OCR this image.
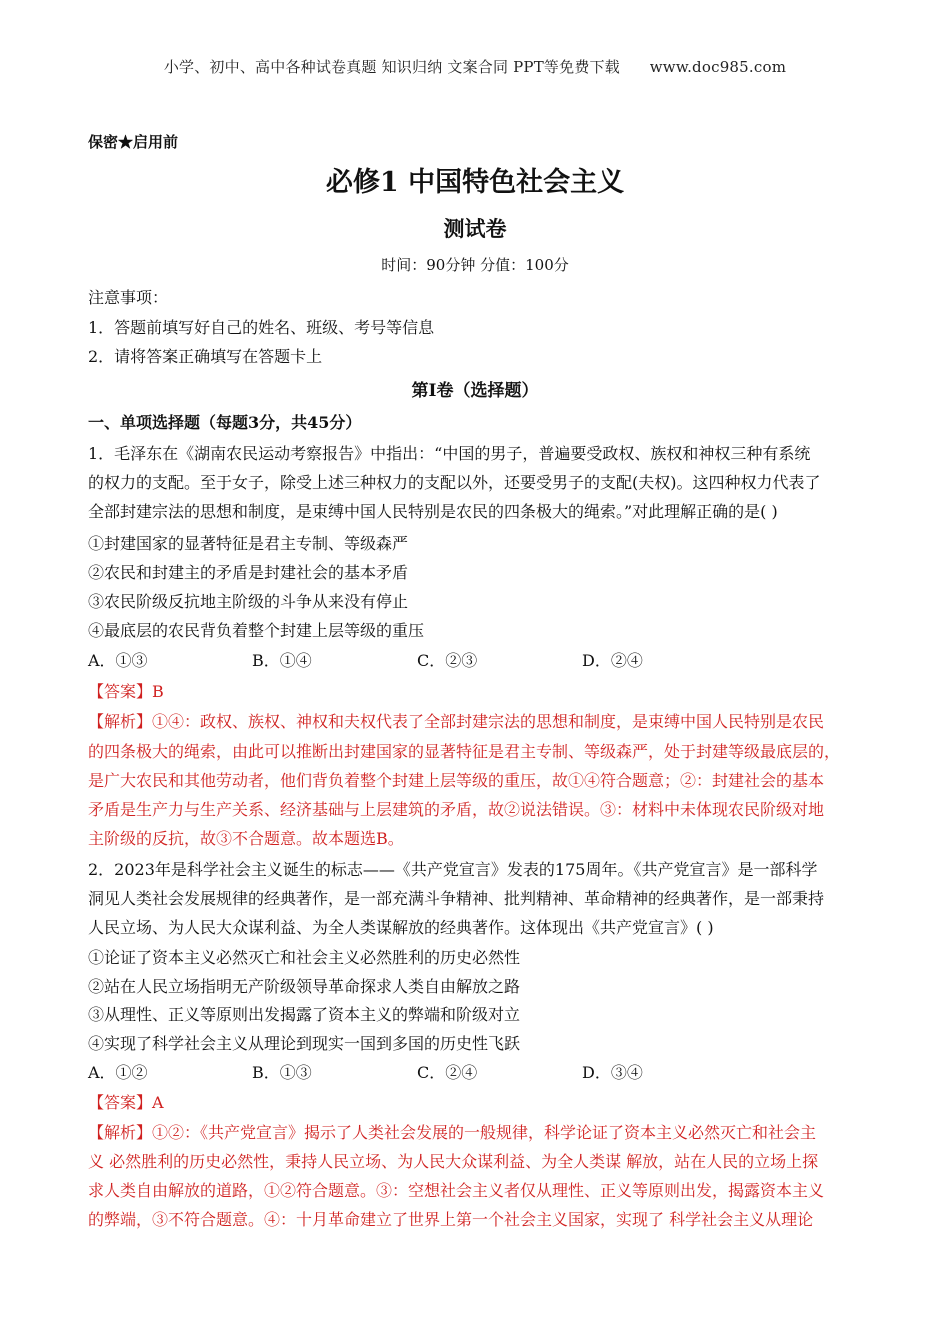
小学、初中、高中各种试卷真题 知识归纳 文案合同 PPT等免费下载 www.doc985.com
保密★启用前
必修1 中国特色社会主义
测试卷
时间：90分钟 分值：100分
注意事项：
1．答题前填写好自己的姓名、班级、考号等信息
2．请将答案正确填写在答题卡上
第I卷（选择题）
一、单项选择题（每题3分，共45分）
1．毛泽东在《湖南农民运动考察报告》中指出：“中国的男子，普遍要受政权、族权和神权三种有系统
的权力的支配。至于女子，除受上述三种权力的支配以外，还要受男子的支配(夫权)。这四种权力代表了
全部封建宗法的思想和制度，是束缚中国人民特别是农民的四条极大的绳索。”对此理解正确的是( )
①封建国家的显著特征是君主专制、等级森严
②农民和封建主的矛盾是封建社会的基本矛盾
③农民阶级反抗地主阶级的斗争从来没有停止
④最底层的农民背负着整个封建上层等级的重压
A．①③	B．①④	C．②③	D．②④
【答案】B
【解析】①④：政权、族权、神权和夫权代表了全部封建宗法的思想和制度，是束缚中国人民特别是农民
的四条极大的绳索，由此可以推断出封建国家的显著特征是君主专制、等级森严，处于封建等级最底层的，
是广大农民和其他劳动者，他们背负着整个封建上层等级的重压，故①④符合题意；②：封建社会的基本
矛盾是生产力与生产关系、经济基础与上层建筑的矛盾，故②说法错误。③：材料中未体现农民阶级对地
主阶级的反抗，故③不合题意。故本题选B。
2．2023年是科学社会主义诞生的标志——《共产党宣言》发表的175周年。《共产党宣言》是一部科学
洞见人类社会发展规律的经典著作，是一部充满斗争精神、批判精神、革命精神的经典著作，是一部秉持
人民立场、为人民大众谋利益、为全人类谋解放的经典著作。这体现出《共产党宣言》( )
①论证了资本主义必然灭亡和社会主义必然胜利的历史必然性
②站在人民立场指明无产阶级领导革命探求人类自由解放之路
③从理性、正义等原则出发揭露了资本主义的弊端和阶级对立
④实现了科学社会主义从理论到现实一国到多国的历史性飞跃
A．①②	B．①③	C．②④	D．③④
【答案】A
【解析】①②：《共产党宣言》揭示了人类社会发展的一般规律，科学论证了资本主义必然灭亡和社会主
义 必然胜利的历史必然性，秉持人民立场、为人民大众谋利益、为全人类谋 解放，站在人民的立场上探
求人类自由解放的道路，①②符合题意。③：空想社会主义者仅从理性、正义等原则出发，揭露资本主义
的弊端，③不符合题意。④：十月革命建立了世界上第一个社会主义国家，实现了 科学社会主义从理论
